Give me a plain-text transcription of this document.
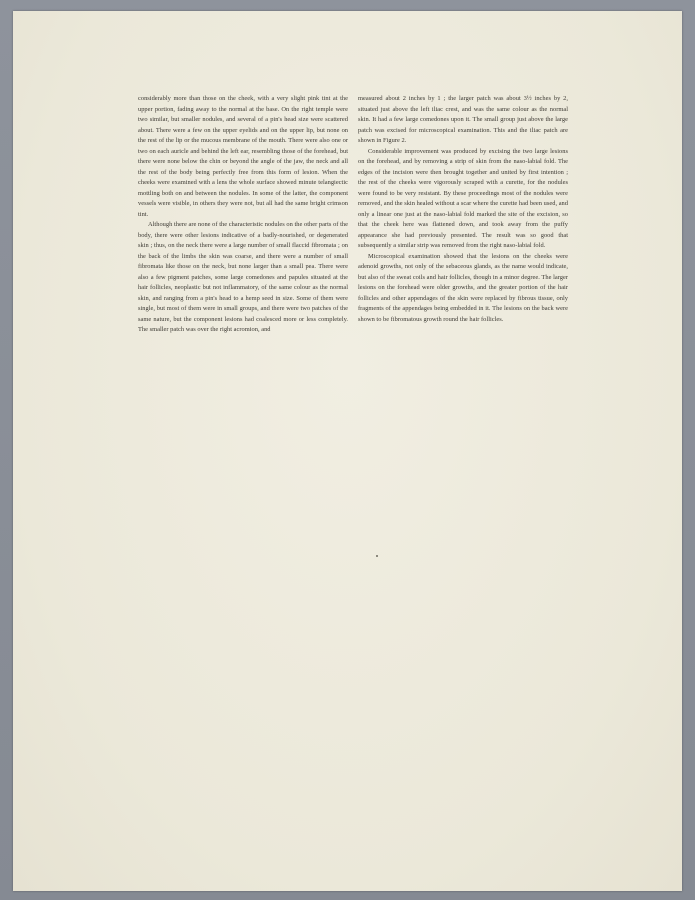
considerably more than those on the cheek, with a very slight pink tint at the upper portion, fading away to the normal at the base. On the right temple were two similar, but smaller nodules, and several of a pin's head size were scattered about. There were a few on the upper eyelids and on the upper lip, but none on the rest of the lip or the mucous membrane of the mouth. There were also one or two on each auricle and behind the left ear, resembling those of the forehead, but there were none below the chin or beyond the angle of the jaw, the neck and all the rest of the body being perfectly free from this form of lesion. When the cheeks were examined with a lens the whole surface showed minute telangiectic mottling both on and between the nodules. In some of the latter, the component vessels were visible, in others they were not, but all had the same bright crimson tint.

Although there are none of the characteristic nodules on the other parts of the body, there were other lesions indicative of a badly-nourished, or degenerated skin ; thus, on the neck there were a large number of small flaccid fibromata ; on the back of the limbs the skin was coarse, and there were a number of small fibromata like those on the neck, but none larger than a small pea. There were also a few pigment patches, some large comedones and papules situated at the hair follicles, neoplastic but not inflammatory, of the same colour as the normal skin, and ranging from a pin's head to a hemp seed in size. Some of them were single, but most of them were in small groups, and there were two patches of the same nature, but the component lesions had coalesced more or less completely. The smaller patch was over the right acromion, and

measured about 2 inches by 1 ; the larger patch was about 3½ inches by 2, situated just above the left iliac crest, and was the same colour as the normal skin. It had a few large comedones upon it. The small group just above the large patch was excised for microscopical examination. This and the iliac patch are shown in Figure 2.

Considerable improvement was produced by excising the two large lesions on the forehead, and by removing a strip of skin from the naso-labial fold. The edges of the incision were then brought together and united by first intention ; the rest of the cheeks were vigorously scraped with a curette, for the nodules were found to be very resistant. By these proceedings most of the nodules were removed, and the skin healed without a scar where the curette had been used, and only a linear one just at the naso-labial fold marked the site of the excision, so that the cheek here was flattened down, and took away from the puffy appearance she had previously presented. The result was so good that subsequently a similar strip was removed from the right naso-labial fold.

Microscopical examination showed that the lesions on the cheeks were adenoid growths, not only of the sebaceous glands, as the name would indicate, but also of the sweat coils and hair follicles, though in a minor degree. The larger lesions on the forehead were older growths, and the greater portion of the hair follicles and other appendages of the skin were replaced by fibrous tissue, only fragments of the appendages being embedded in it. The lesions on the back were shown to be fibromatous growth round the hair follicles.
